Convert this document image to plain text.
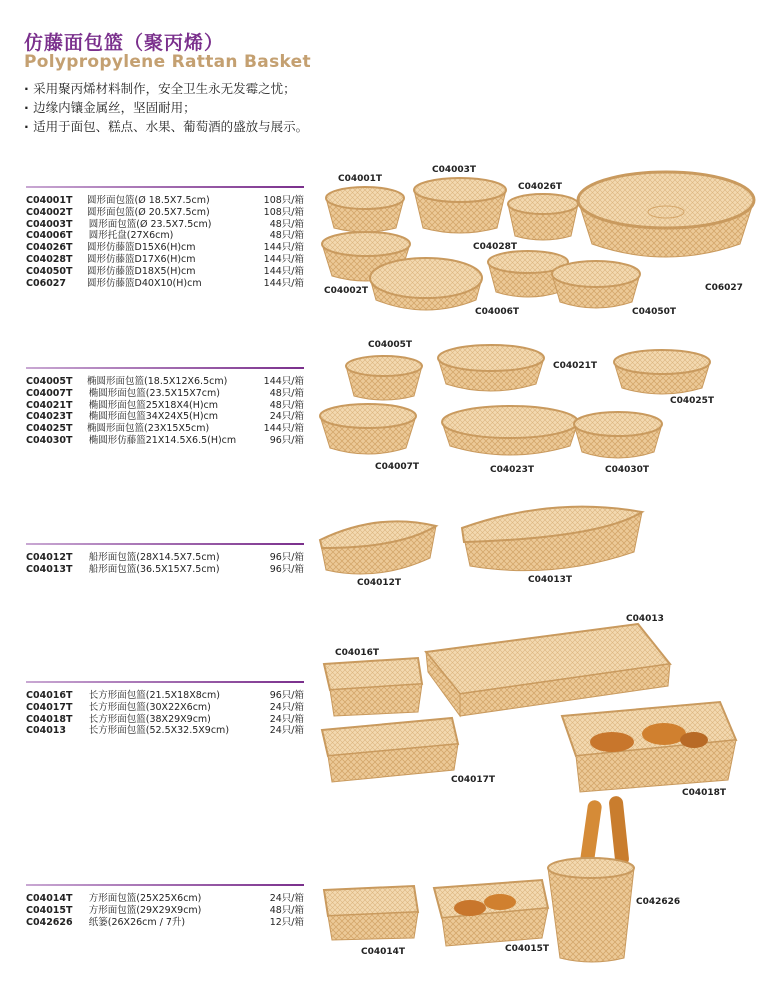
仿藤面包篮（聚丙烯）
Polypropylene Rattan Basket
· 采用聚丙烯材料制作，安全卫生永无发霉之忧；
· 边缘内镶金属丝，坚固耐用；
· 适用于面包、糕点、水果、葡萄酒的盛放与展示。
C04001T	圆形面包篮(Ø 18.5X7.5cm)	108只/箱
C04002T	圆形面包篮(Ø 20.5X7.5cm)	108只/箱
C04003T	圆形面包篮(Ø 23.5X7.5cm)	48只/箱
C04006T	圆形托盘(27X6cm)	48只/箱
C04026T	圆形仿藤篮D15X6(H)cm	144只/箱
C04028T	圆形仿藤篮D17X6(H)cm	144只/箱
C04050T	圆形仿藤篮D18X5(H)cm	144只/箱
C06027	圆形仿藤篮D40X10(H)cm	144只/箱
C04005T	椭圆形面包篮(18.5X12X6.5cm)	144只/箱
C04007T	椭圆形面包篮(23.5X15X7cm)	48只/箱
C04021T	椭圆形面包篮25X18X4(H)cm	48只/箱
C04023T	椭圆形面包篮34X24X5(H)cm	24只/箱
C04025T	椭圆形面包篮(23X15X5cm)	144只/箱
C04030T	椭圆形仿藤篮21X14.5X6.5(H)cm	96只/箱
C04012T	船形面包篮(28X14.5X7.5cm)	96只/箱
C04013T	船形面包篮(36.5X15X7.5cm)	96只/箱
C04016T	长方形面包篮(21.5X18X8cm)	96只/箱
C04017T	长方形面包篮(30X22X6cm)	24只/箱
C04018T	长方形面包篮(38X29X9cm)	24只/箱
C04013	长方形面包篮(52.5X32.5X9cm)	24只/箱
C04014T	方形面包篮(25X25X6cm)	24只/箱
C04015T	方形面包篮(29X29X9cm)	48只/箱
C042626	纸篓(26X26cm / 7升)	12只/箱
C04001T
C04003T
C04026T
C04028T
C04002T
C04006T	C04050T
C06027
C04005T
C04021T
C04025T
C04007T	C04023T	C04030T
C04012T	C04013T
C04013
C04016T
C04017T
C04018T
C04014T	C04015T
C042626
